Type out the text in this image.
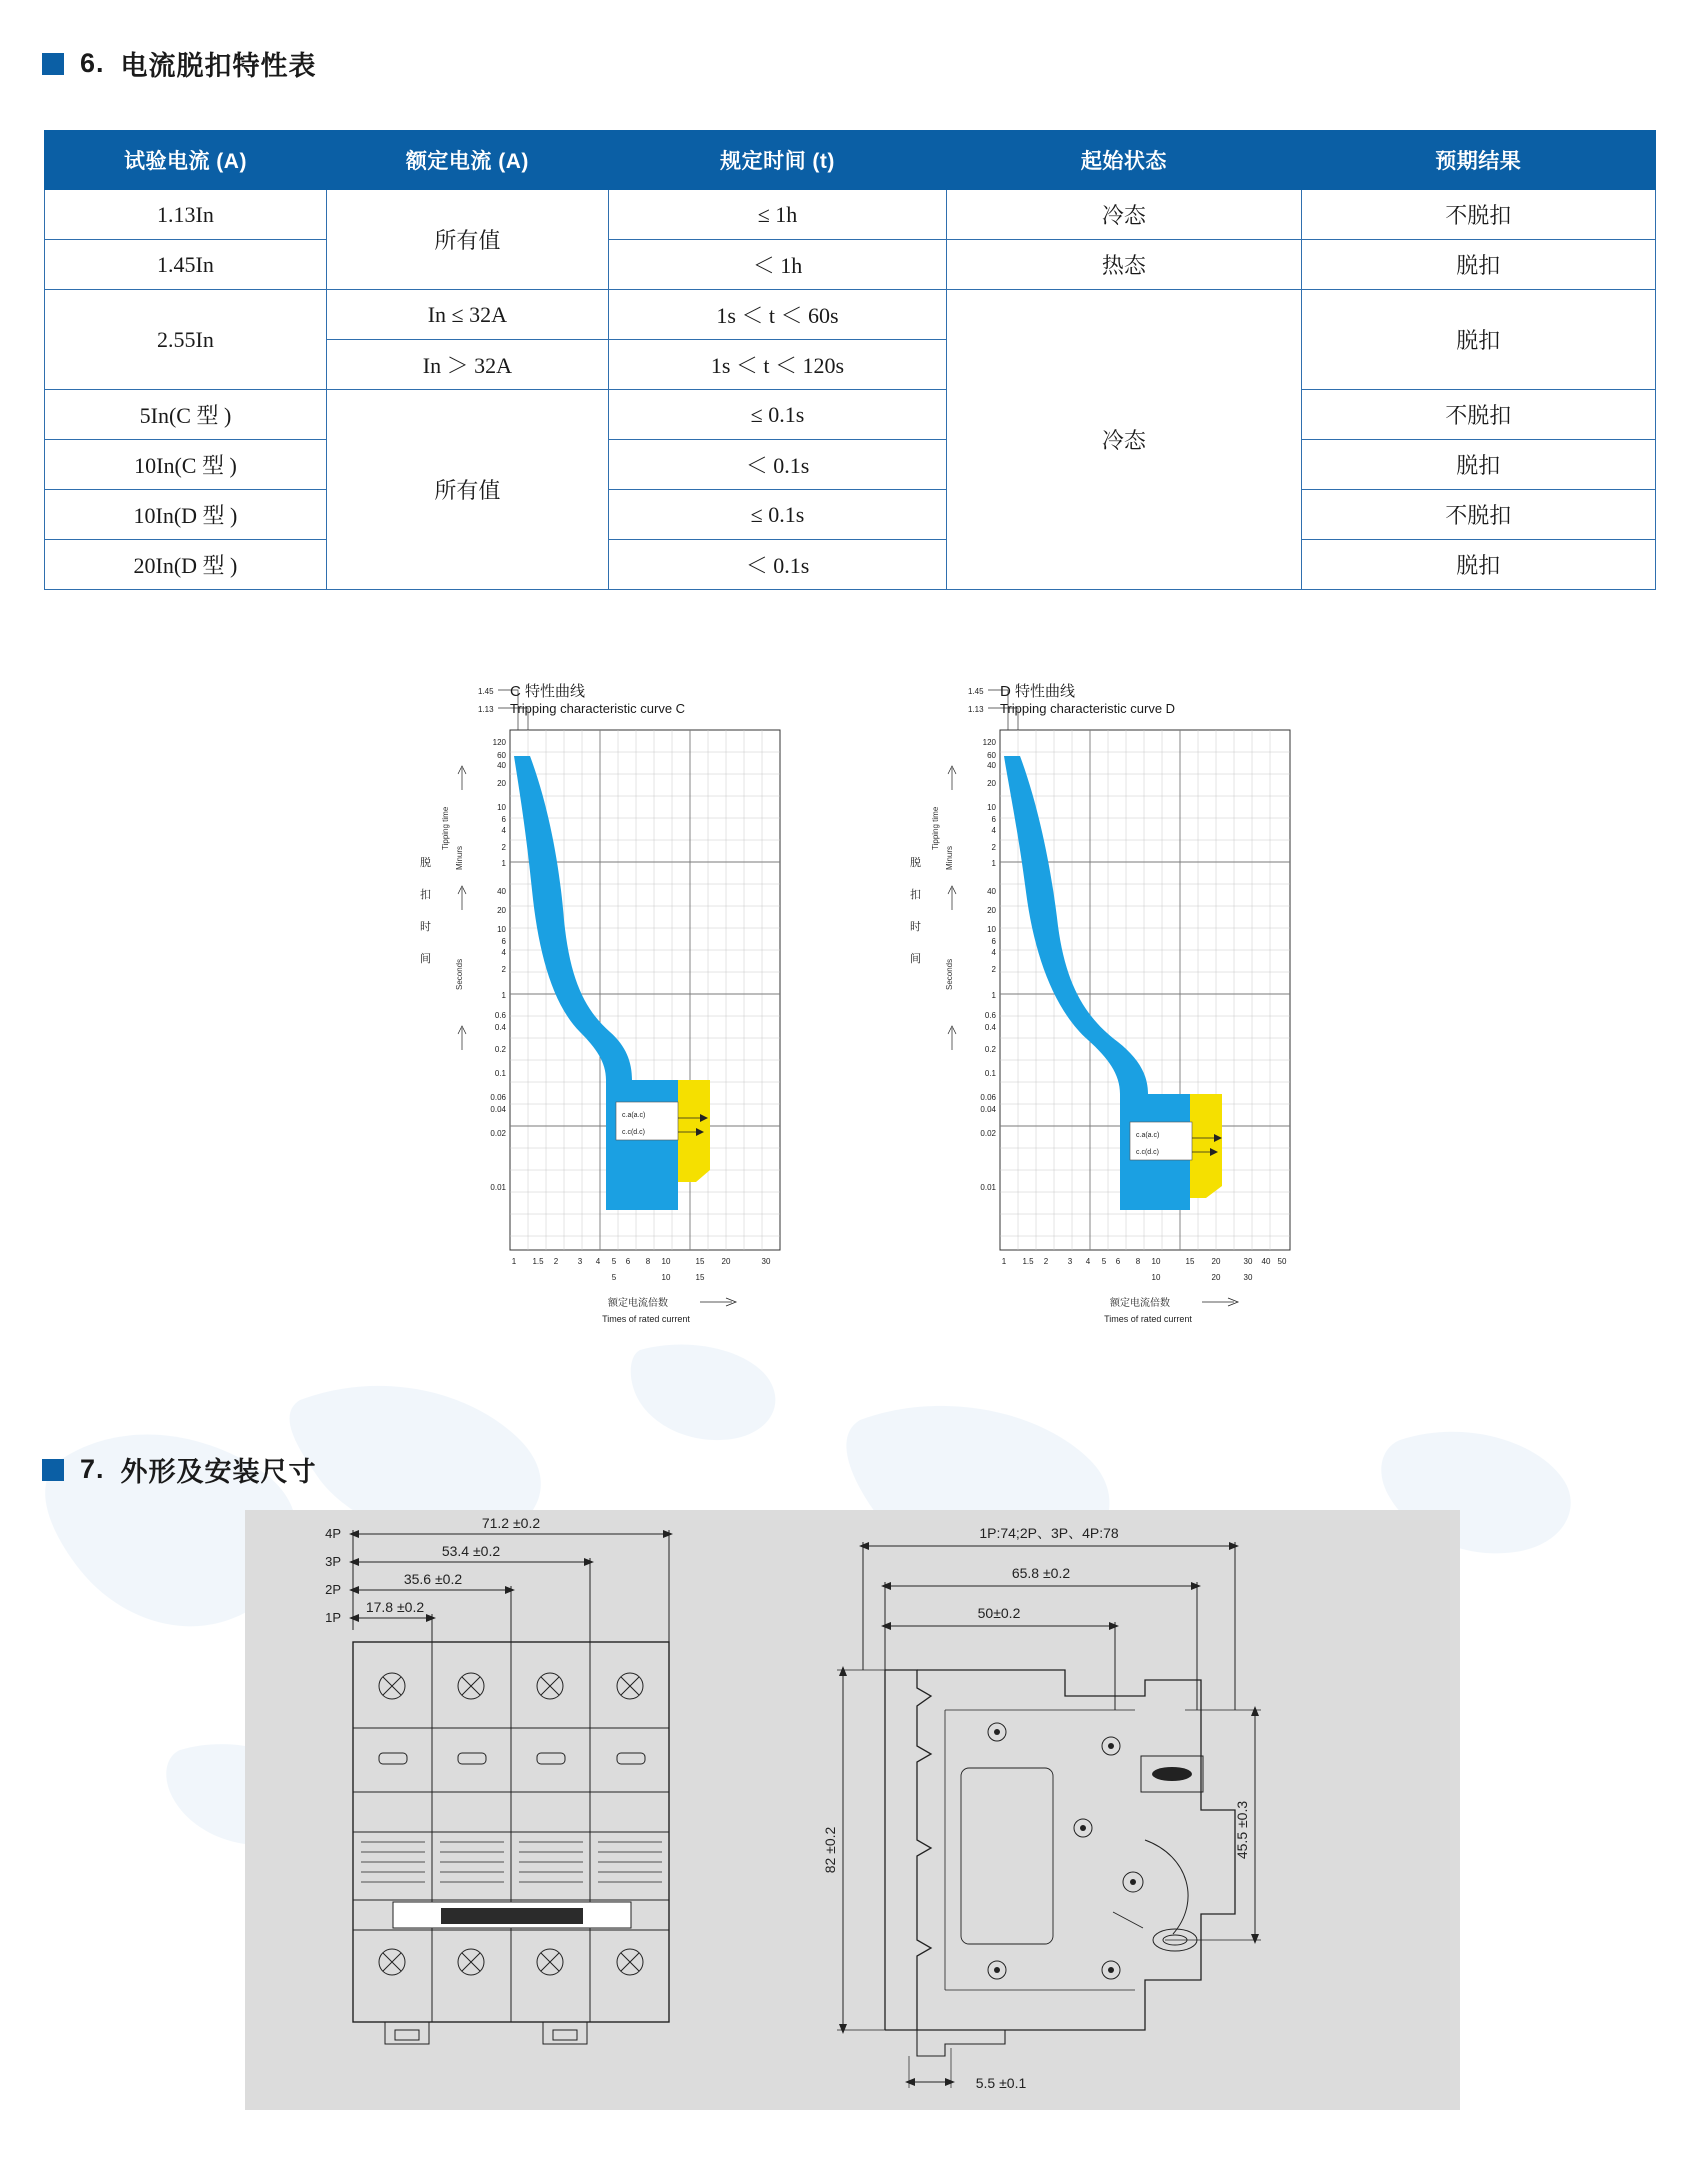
6. 电流脱扣特性表
试验电流 (A)	额定电流 (A)	规定时间 (t)	起始状态	预期结果
1.13In	所有值	≤ 1h	冷态	不脱扣
1.45In		＜ 1h	热态	脱扣
2.55In	In ≤ 32A	1s ＜ t ＜ 60s	冷态	脱扣
	In ＞ 32A	1s ＜ t ＜ 120s		
5In(C 型 )	所有值	≤ 0.1s		不脱扣
10In(C 型 )		＜ 0.1s		脱扣
10In(D 型 )		≤ 0.1s		不脱扣
20In(D 型 )		＜ 0.1s		脱扣
C 特性曲线
Tripping characteristic curve C
c.a(a.c)
c.c(d.c)
120
60
40
20
10
6
4
2
1
40
20
10
6
4
2
1
0.6
0.4
0.2
0.1
0.06
0.04
0.02
0.01
1 1.5 2 3 4 5 6 8 10	15 20	30
5	10	15
1.45
1.13
脱
扣
时
间
Tipping time
Minurs
Seconds
额定电流倍数
Times of rated current
D 特性曲线
Tripping characteristic curve D
c.a(a.c)
c.c(d.c)
120
60
40
20
10
6
4
2
1
40
20
10
6
4
2
1
0.6
0.4
0.2
0.1
0.06
0.04
0.02
0.01
1 1.5 2 3 4 5 6 8 10	15 20	30 40 50
10	20	30
1.45
1.13
脱
扣
时
间
Tipping time
Minurs
Seconds
额定电流倍数
Times of rated current
7. 外形及安装尺寸
4P
3P
2P
1P
71.2 ±0.2
53.4 ±0.2
35.6 ±0.2
17.8 ±0.2
1P:74;2P、3P、4P:78
65.8 ±0.2
50±0.2
82 ±0.2	45.5 ±0.3
5.5 ±0.1
